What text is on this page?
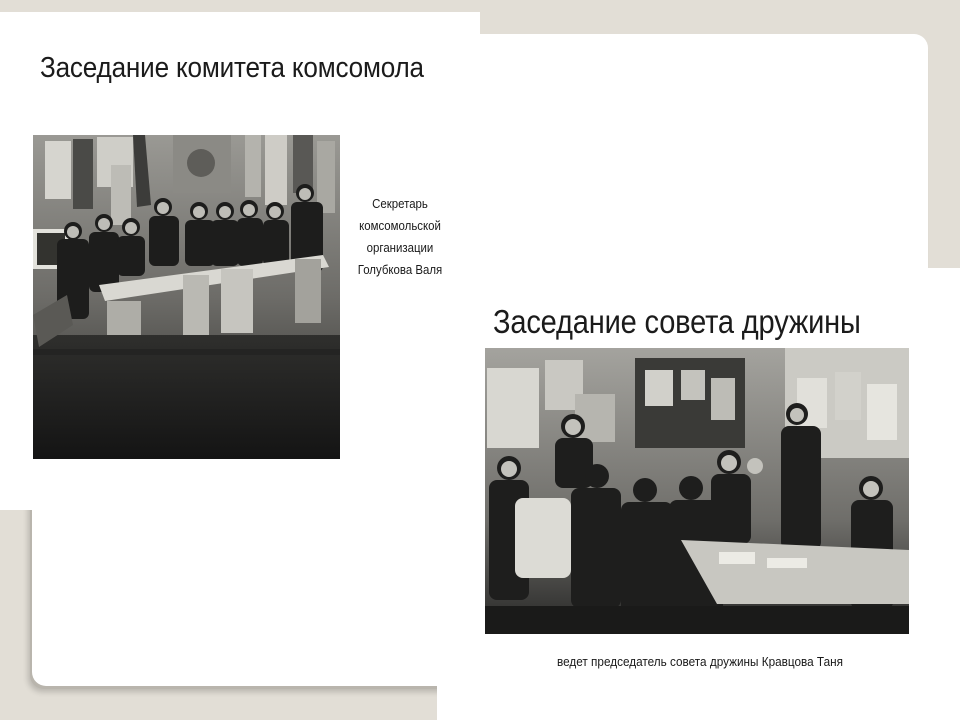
Заседание комитета комсомола
Секретарь
комсомольской
организации
Голубкова Валя
Заседание совета дружины
ведет председатель совета дружины Кравцова Таня
